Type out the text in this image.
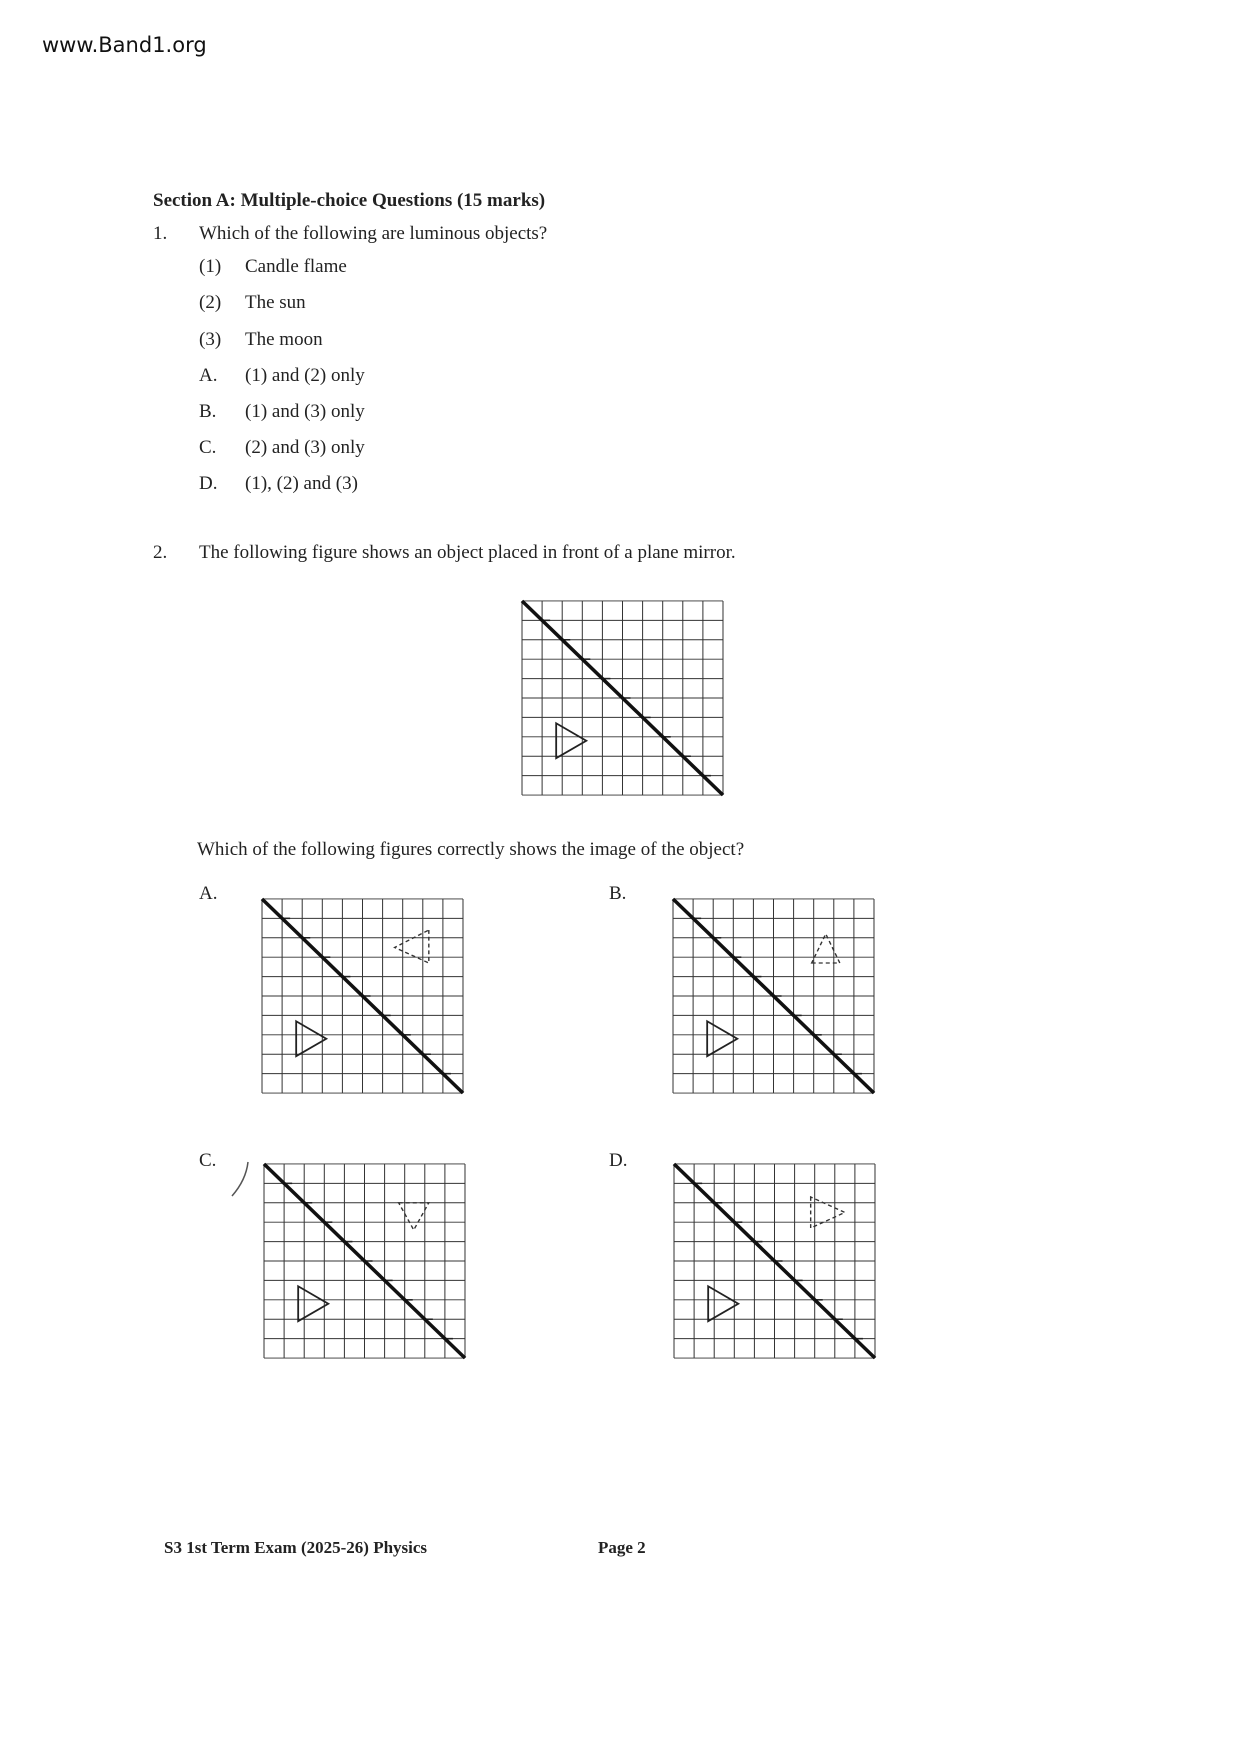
www.Band1.org
Section A: Multiple-choice Questions (15 marks)
1. Which of the following are luminous objects?
(1) Candle flame
(2) The sun
(3) The moon
A. (1) and (2) only
B. (1) and (3) only
C. (2) and (3) only
D. (1), (2) and (3)
2. The following figure shows an object placed in front of a plane mirror.
Which of the following figures correctly shows the image of the object?
A.	B.
C.	D.
S3 1st Term Exam (2025-26) Physics	Page 2
